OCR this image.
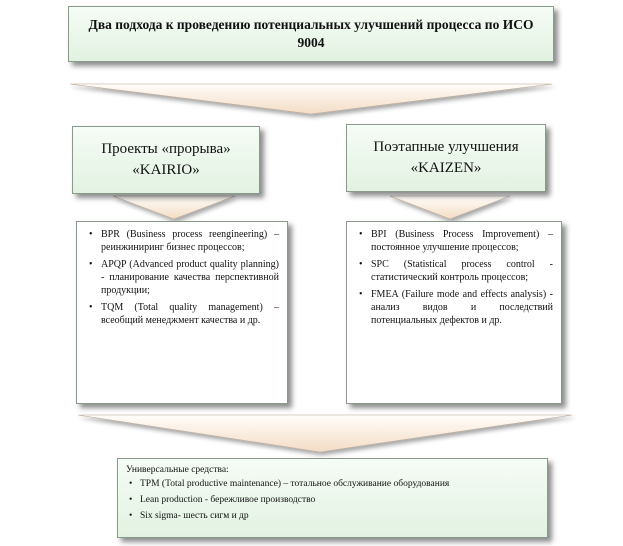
Два подхода к проведению потенциальных улучшений процесса по ИСО 9004
Проекты «прорыва»
«KAIRIO»
Поэтапные улучшения
«KAIZEN»
• BPR (Business process reengineering) – реинжиниринг бизнес процессов;
• APQP (Advanced product quality planning) - планирование качества перспективной продукции;
• TQM (Total quality management) – всеобщий менеджмент качества и др.
• BPI (Business Process Improvement) –постоянное улучшение процессов;
• SPC (Statistical process control - статистический контроль процессов;
• FMEA (Failure mode and effects analysis) - анализ видов и последствий потенциальных дефектов и др.
Универсальные средства:
• TPM (Total productive maintenance) – тотальное обслуживание оборудования
• Lean production - бережливое производство
• Six sigma- шесть сигм и др
